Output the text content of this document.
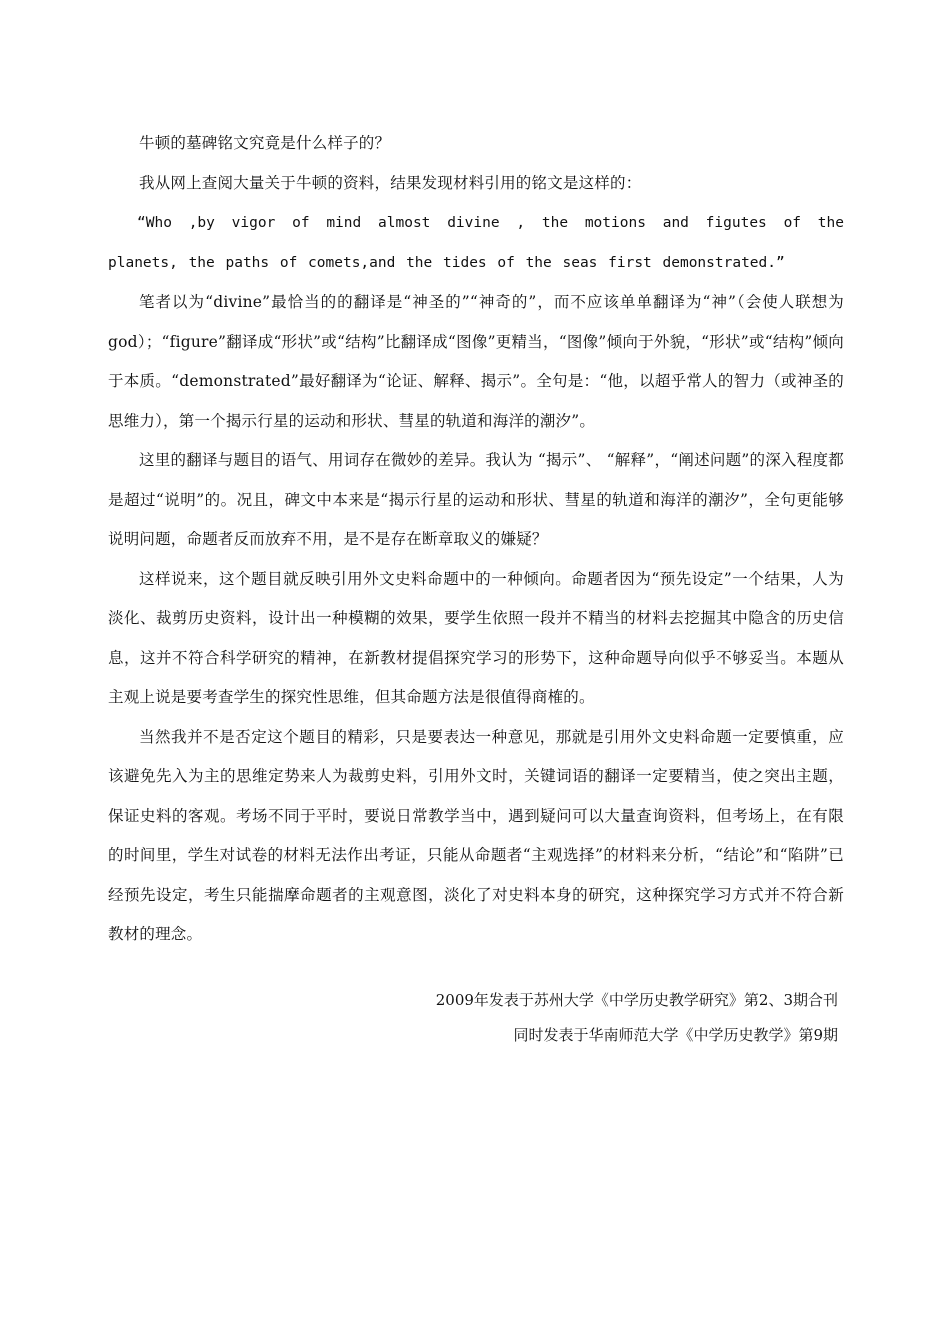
牛顿的墓碑铭文究竟是什么样子的？

我从网上查阅大量关于牛顿的资料，结果发现材料引用的铭文是这样的：

“Who ,by vigor of mind almost divine , the motions and figutes of the planets, the paths of comets,and the tides of the seas first demonstrated.”

笔者以为“divine”最恰当的的翻译是“神圣的”“神奇的”，而不应该单单翻译为“神”（会使人联想为god）；“figure”翻译成“形状”或“结构”比翻译成“图像”更精当，“图像”倾向于外貌，“形状”或“结构”倾向于本质。“demonstrated”最好翻译为“论证、解释、揭示”。全句是：“他，以超乎常人的智力（或神圣的思维力），第一个揭示行星的运动和形状、彗星的轨道和海洋的潮汐”。

这里的翻译与题目的语气、用词存在微妙的差异。我认为 “揭示”、 “解释”，“阐述问题”的深入程度都是超过“说明”的。况且，碑文中本来是“揭示行星的运动和形状、彗星的轨道和海洋的潮汐”，全句更能够说明问题，命题者反而放弃不用，是不是存在断章取义的嫌疑？

这样说来，这个题目就反映引用外文史料命题中的一种倾向。命题者因为“预先设定”一个结果，人为淡化、裁剪历史资料，设计出一种模糊的效果，要学生依照一段并不精当的材料去挖掘其中隐含的历史信息，这并不符合科学研究的精神，在新教材提倡探究学习的形势下，这种命题导向似乎不够妥当。本题从主观上说是要考查学生的探究性思维，但其命题方法是很值得商榷的。

当然我并不是否定这个题目的精彩，只是要表达一种意见，那就是引用外文史料命题一定要慎重，应该避免先入为主的思维定势来人为裁剪史料，引用外文时，关键词语的翻译一定要精当，使之突出主题，保证史料的客观。考场不同于平时，要说日常教学当中，遇到疑问可以大量查询资料，但考场上，在有限的时间里，学生对试卷的材料无法作出考证，只能从命题者“主观选择”的材料来分析，“结论”和“陷阱”已经预先设定，考生只能揣摩命题者的主观意图，淡化了对史料本身的研究，这种探究学习方式并不符合新教材的理念。

2009年发表于苏州大学《中学历史教学研究》第2、3期合刊

同时发表于华南师范大学《中学历史教学》第9期
